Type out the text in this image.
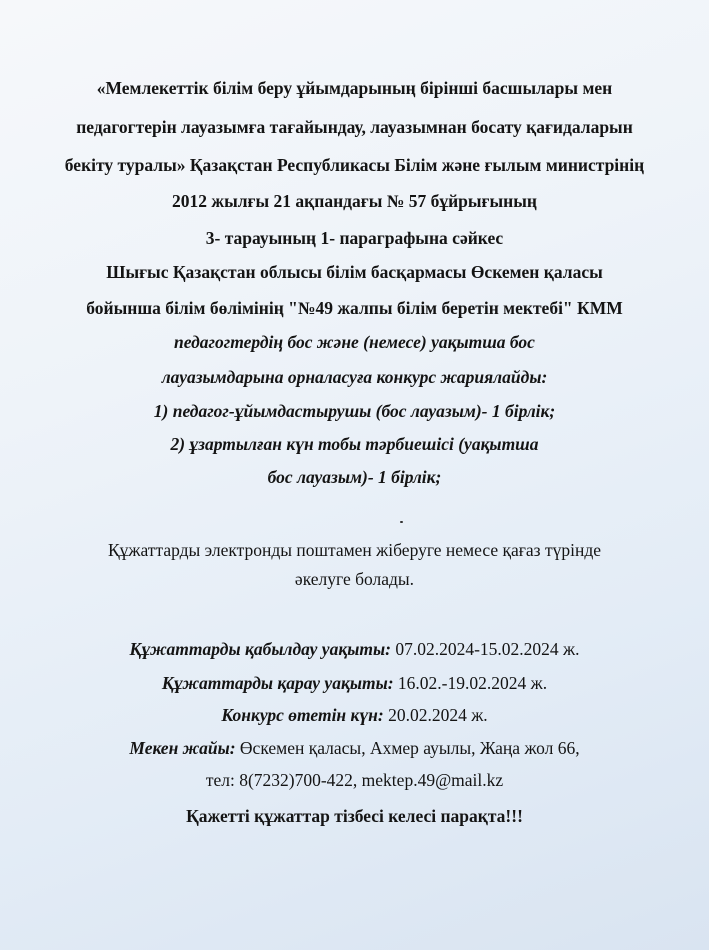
«Мемлекеттік білім беру ұйымдарының бірінші басшылары мен
педагогтерін лауазымға тағайындау, лауазымнан босату қағидаларын
бекіту туралы» Қазақстан Республикасы Білім және ғылым министрінің
2012 жылғы 21 ақпандағы № 57 бұйрығының
3- тарауының 1- параграфына сәйкес
Шығыс Қазақстан облысы білім басқармасы Өскемен қаласы
бойынша білім бөлімінің "№49 жалпы білім беретін мектебі" КММ
педагогтердің бос және (немесе) уақытша бос
лауазымдарына орналасуға конкурс жариялайды:
1) педагог-ұйымдастырушы (бос лауазым)- 1 бірлік;
2) ұзартылған күн тобы тәрбиешісі (уақытша
бос лауазым)- 1 бірлік;
Құжаттарды электронды поштамен жіберуге немесе қағаз түрінде
әкелуге болады.
Құжаттарды қабылдау уақыты: 07.02.2024-15.02.2024 ж.
Құжаттарды қарау уақыты: 16.02.-19.02.2024 ж.
Конкурс өтетін күн: 20.02.2024 ж.
Мекен жайы: Өскемен қаласы, Ахмер ауылы, Жаңа жол 66,
тел: 8(7232)700-422, mektep.49@mail.kz
Қажетті құжаттар тізбесі келесі парақта!!!
